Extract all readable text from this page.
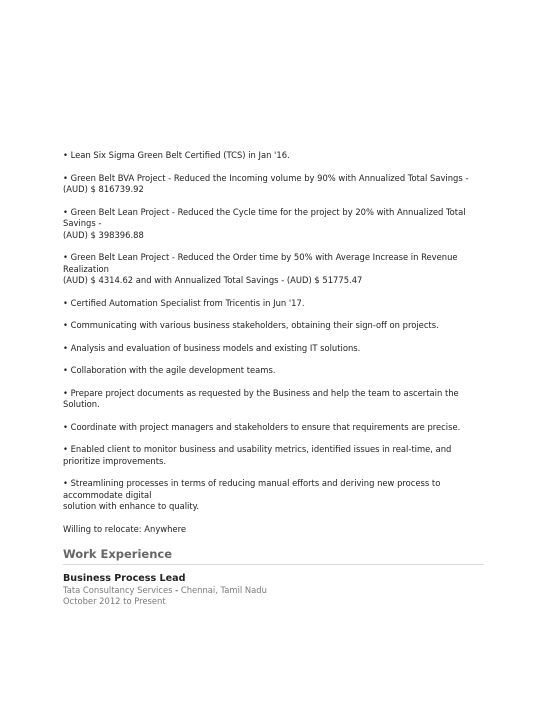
• Lean Six Sigma Green Belt Certified (TCS) in Jan '16.

• Green Belt BVA Project - Reduced the Incoming volume by 90% with Annualized Total Savings -
(AUD) $ 816739.92

• Green Belt Lean Project - Reduced the Cycle time for the project by 20% with Annualized Total Savings -
(AUD) $ 398396.88

• Green Belt Lean Project - Reduced the Order time by 50% with Average Increase in Revenue Realization
(AUD) $ 4314.62 and with Annualized Total Savings - (AUD) $ 51775.47

• Certified Automation Specialist from Tricentis in Jun '17.

• Communicating with various business stakeholders, obtaining their sign-off on projects.

• Analysis and evaluation of business models and existing IT solutions.

• Collaboration with the agile development teams.

• Prepare project documents as requested by the Business and help the team to ascertain the Solution.

• Coordinate with project managers and stakeholders to ensure that requirements are precise.

• Enabled client to monitor business and usability metrics, identified issues in real-time, and prioritize improvements.

• Streamlining processes in terms of reducing manual efforts and deriving new process to accommodate digital
solution with enhance to quality.

Willing to relocate: Anywhere

Work Experience

Business Process Lead

Tata Consultancy Services - Chennai, Tamil Nadu

October 2012 to Present
